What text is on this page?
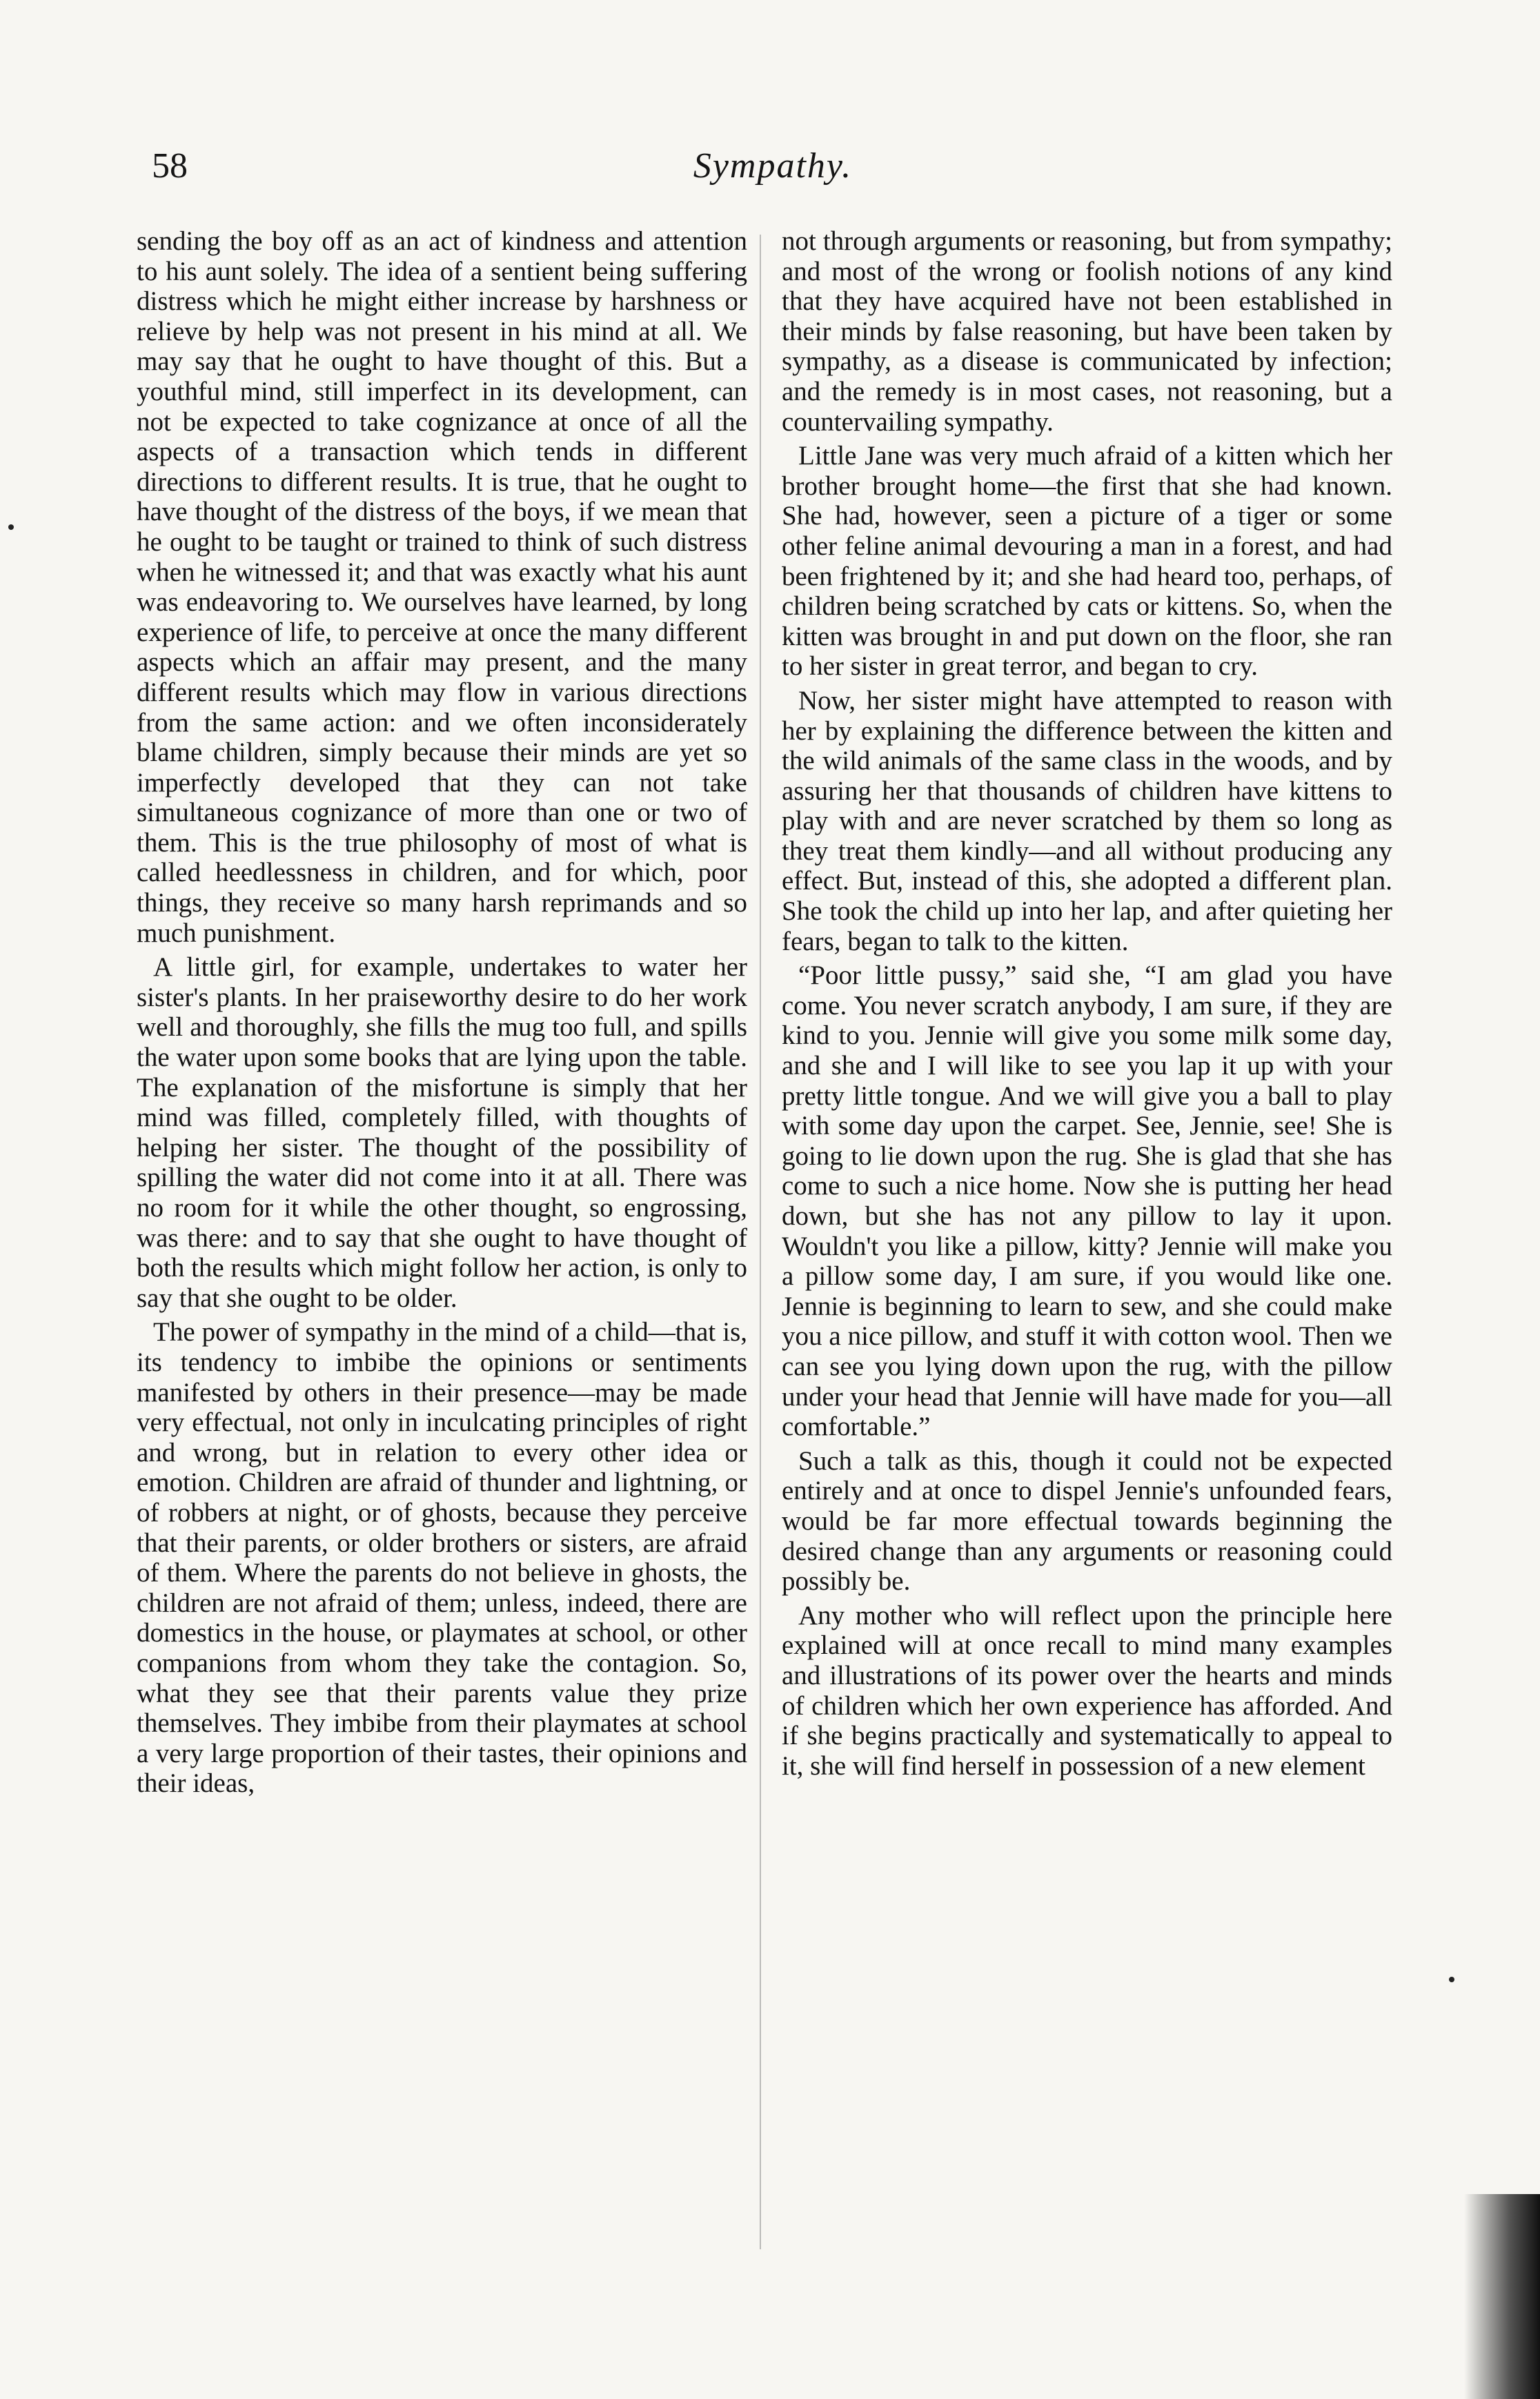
58	Sympathy.

sending the boy off as an act of kindness and attention to his aunt solely. The idea of a sentient being suffering distress which he might either increase by harshness or relieve by help was not present in his mind at all. We may say that he ought to have thought of this. But a youthful mind, still imperfect in its development, can not be expected to take cognizance at once of all the aspects of a transaction which tends in different directions to different results. It is true, that he ought to have thought of the distress of the boys, if we mean that he ought to be taught or trained to think of such distress when he witnessed it; and that was exactly what his aunt was endeavoring to. We ourselves have learned, by long experience of life, to perceive at once the many different aspects which an affair may present, and the many different results which may flow in various directions from the same action: and we often inconsiderately blame children, simply because their minds are yet so imperfectly developed that they can not take simultaneous cognizance of more than one or two of them. This is the true philosophy of most of what is called heedlessness in children, and for which, poor things, they receive so many harsh reprimands and so much punishment.

A little girl, for example, undertakes to water her sister's plants. In her praiseworthy desire to do her work well and thoroughly, she fills the mug too full, and spills the water upon some books that are lying upon the table. The explanation of the misfortune is simply that her mind was filled, completely filled, with thoughts of helping her sister. The thought of the possibility of spilling the water did not come into it at all. There was no room for it while the other thought, so engrossing, was there: and to say that she ought to have thought of both the results which might follow her action, is only to say that she ought to be older.

The power of sympathy in the mind of a child—that is, its tendency to imbibe the opinions or sentiments manifested by others in their presence—may be made very effectual, not only in inculcating principles of right and wrong, but in relation to every other idea or emotion. Children are afraid of thunder and lightning, or of robbers at night, or of ghosts, because they perceive that their parents, or older brothers or sisters, are afraid of them. Where the parents do not believe in ghosts, the children are not afraid of them; unless, indeed, there are domestics in the house, or playmates at school, or other companions from whom they take the contagion. So, what they see that their parents value they prize themselves. They imbibe from their playmates at school a very large proportion of their tastes, their opinions and their ideas,

not through arguments or reasoning, but from sympathy; and most of the wrong or foolish notions of any kind that they have acquired have not been established in their minds by false reasoning, but have been taken by sympathy, as a disease is communicated by infection; and the remedy is in most cases, not reasoning, but a countervailing sympathy.

Little Jane was very much afraid of a kitten which her brother brought home—the first that she had known. She had, however, seen a picture of a tiger or some other feline animal devouring a man in a forest, and had been frightened by it; and she had heard too, perhaps, of children being scratched by cats or kittens. So, when the kitten was brought in and put down on the floor, she ran to her sister in great terror, and began to cry.

Now, her sister might have attempted to reason with her by explaining the difference between the kitten and the wild animals of the same class in the woods, and by assuring her that thousands of children have kittens to play with and are never scratched by them so long as they treat them kindly—and all without producing any effect. But, instead of this, she adopted a different plan. She took the child up into her lap, and after quieting her fears, began to talk to the kitten.

“Poor little pussy,” said she, “I am glad you have come. You never scratch anybody, I am sure, if they are kind to you. Jennie will give you some milk some day, and she and I will like to see you lap it up with your pretty little tongue. And we will give you a ball to play with some day upon the carpet. See, Jennie, see! She is going to lie down upon the rug. She is glad that she has come to such a nice home. Now she is putting her head down, but she has not any pillow to lay it upon. Wouldn't you like a pillow, kitty? Jennie will make you a pillow some day, I am sure, if you would like one. Jennie is beginning to learn to sew, and she could make you a nice pillow, and stuff it with cotton wool. Then we can see you lying down upon the rug, with the pillow under your head that Jennie will have made for you—all comfortable.”

Such a talk as this, though it could not be expected entirely and at once to dispel Jennie's unfounded fears, would be far more effectual towards beginning the desired change than any arguments or reasoning could possibly be.

Any mother who will reflect upon the principle here explained will at once recall to mind many examples and illustrations of its power over the hearts and minds of children which her own experience has afforded. And if she begins practically and systematically to appeal to it, she will find herself in possession of a new element
